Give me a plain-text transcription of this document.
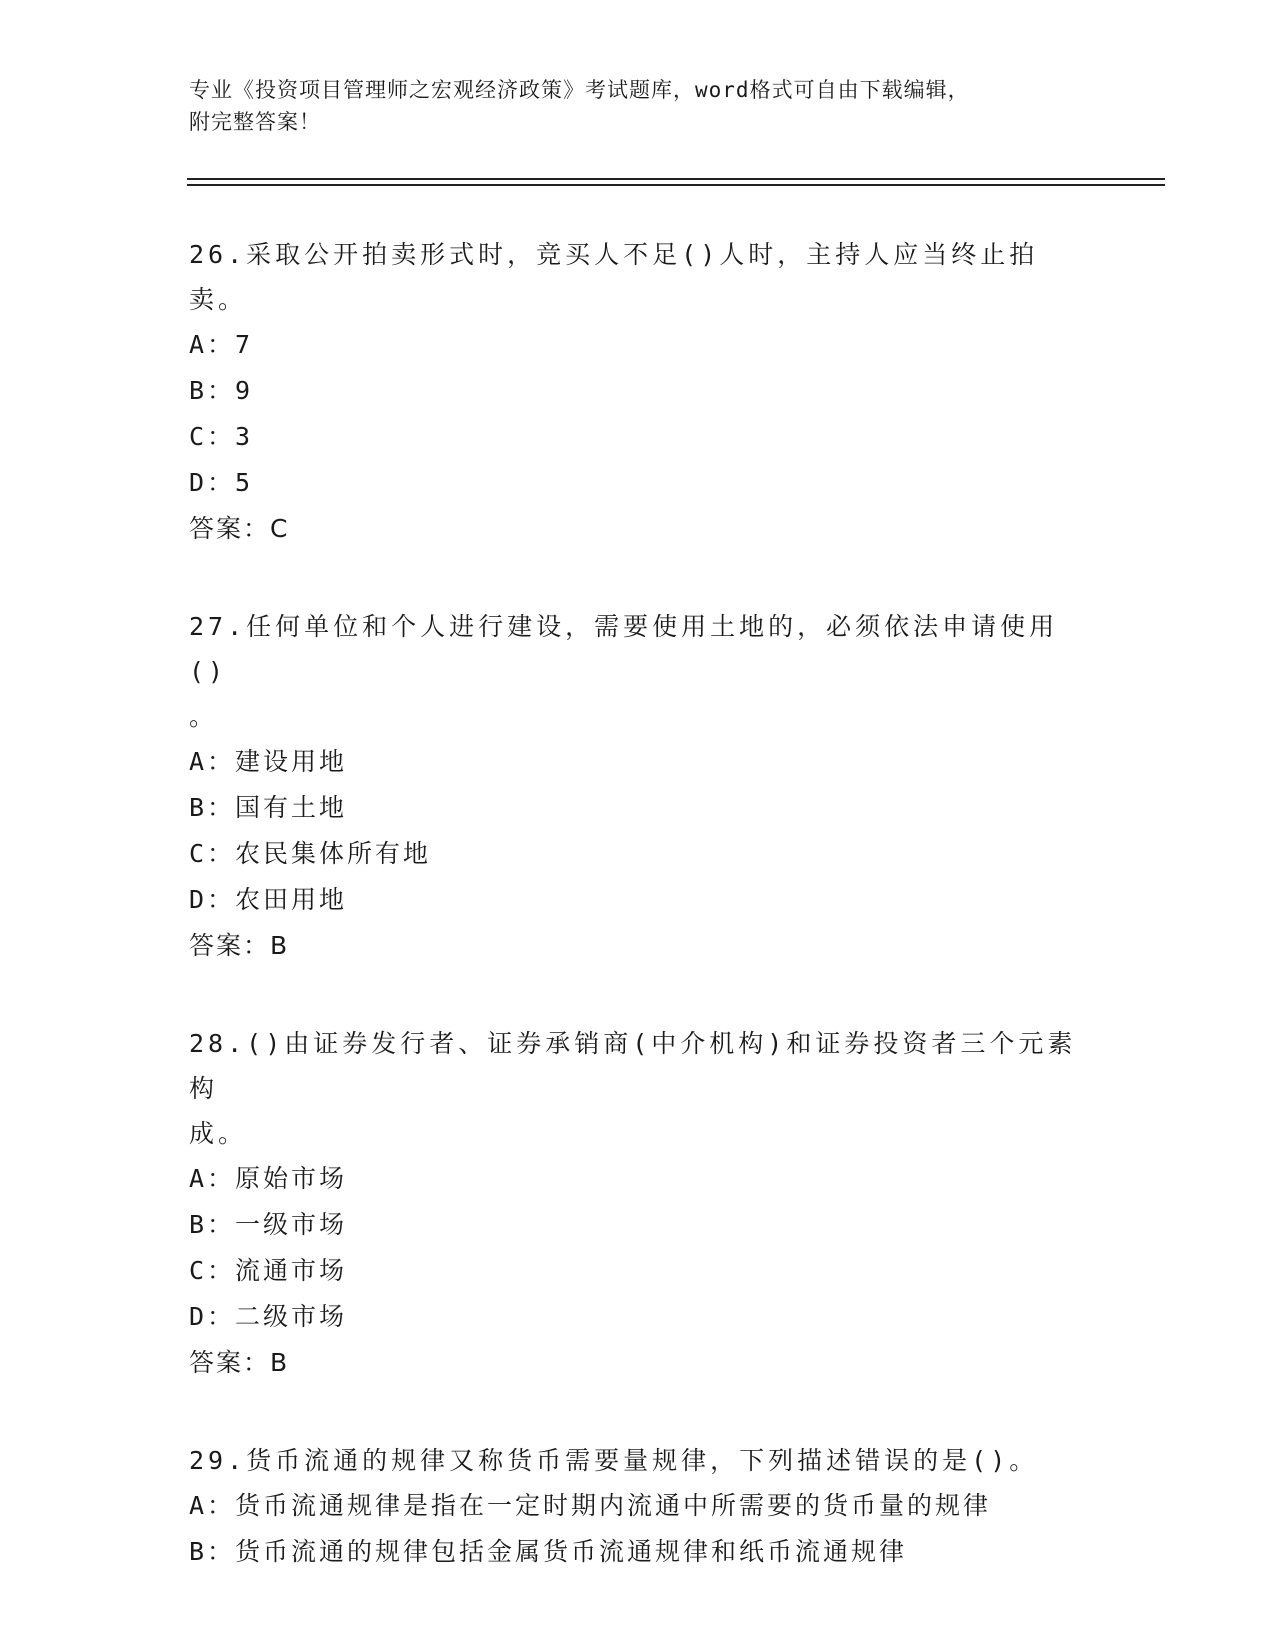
专业《投资项目管理师之宏观经济政策》考试题库，word格式可自由下载编辑，
附完整答案！
26.采取公开拍卖形式时，竞买人不足()人时，主持人应当终止拍卖。
A：7
B：9
C：3
D：5
答案：C
27.任何单位和个人进行建设，需要使用土地的，必须依法申请使用()
。
A：建设用地
B：国有土地
C：农民集体所有地
D：农田用地
答案：B
28.()由证券发行者、证券承销商(中介机构)和证券投资者三个元素构
成。
A：原始市场
B：一级市场
C：流通市场
D：二级市场
答案：B
29.货币流通的规律又称货币需要量规律，下列描述错误的是()。
A：货币流通规律是指在一定时期内流通中所需要的货币量的规律
B：货币流通的规律包括金属货币流通规律和纸币流通规律
